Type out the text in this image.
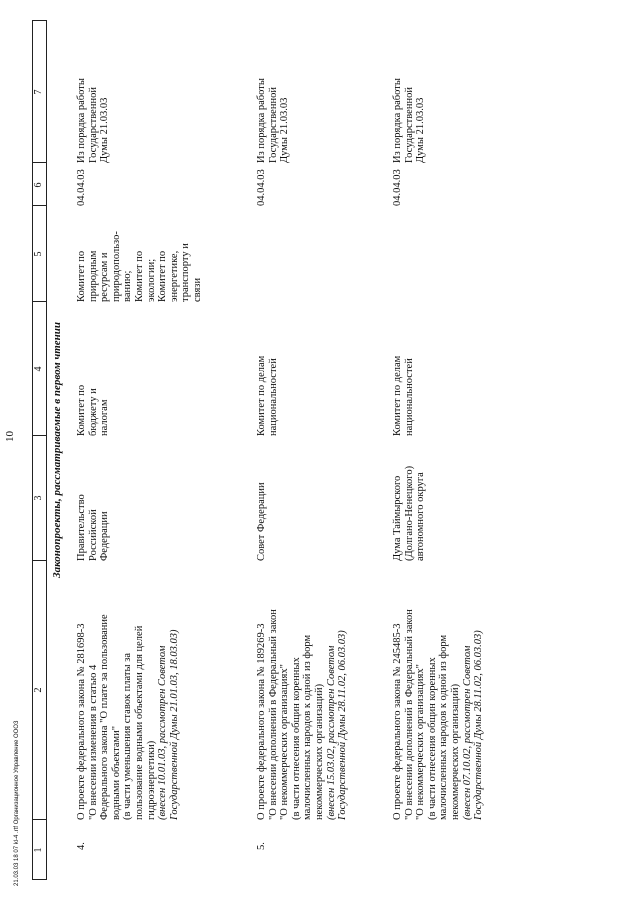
10
1
2
3
4
5
6
7
Законопроекты, рассматриваемые в первом чтении
4.
О проекте федерального закона № 281698-3 "О внесении изменения в статью 4 Федерального закона "О плате за пользование водными объектами" (в части уменьшения ставок платы за пользование водными объектами для целей гидроэнергетики) (внесен 10.01.03, рассмотрен Советом Государственной Думы 21.01.03, 18.03.03)
Правительство Российской Федерации
Комитет по бюджету и налогам
Комитет по природным ресурсам и природопользо- ванию; Комитет по экологии; Комитет по энергетике, транспорту и связи
04.04.03
Из порядка работы Государственной Думы 21.03.03
5.
О проекте федерального закона № 189269-3 "О внесении дополнений в Федеральный закон "О некоммерческих организациях" (в части отнесения общин коренных малочисленных народов к одной из форм некоммерческих организаций) (внесен 15.03.02, рассмотрен Советом Государственной Думы 28.11.02, 06.03.03)
Совет Федерации
Комитет по делам национальностей
04.04.03
Из порядка работы Государственной Думы 21.03.03
О проекте федерального закона № 245485-3 "О внесении дополнений в Федеральный закон "О некоммерческих организациях" (в части отнесения общин коренных малочисленных народов к одной из форм некоммерческих организаций) (внесен 07.10.02, рассмотрен Советом Государственной Думы 28.11.02, 06.03.03)
Дума Таймырского (Долгано-Ненецкого) автономного округа
Комитет по делам национальностей
04.04.03
Из порядка работы Государственной Думы 21.03.03
21.03.03 18 07 kl-4 .rtf Организационное Управление ООО3
